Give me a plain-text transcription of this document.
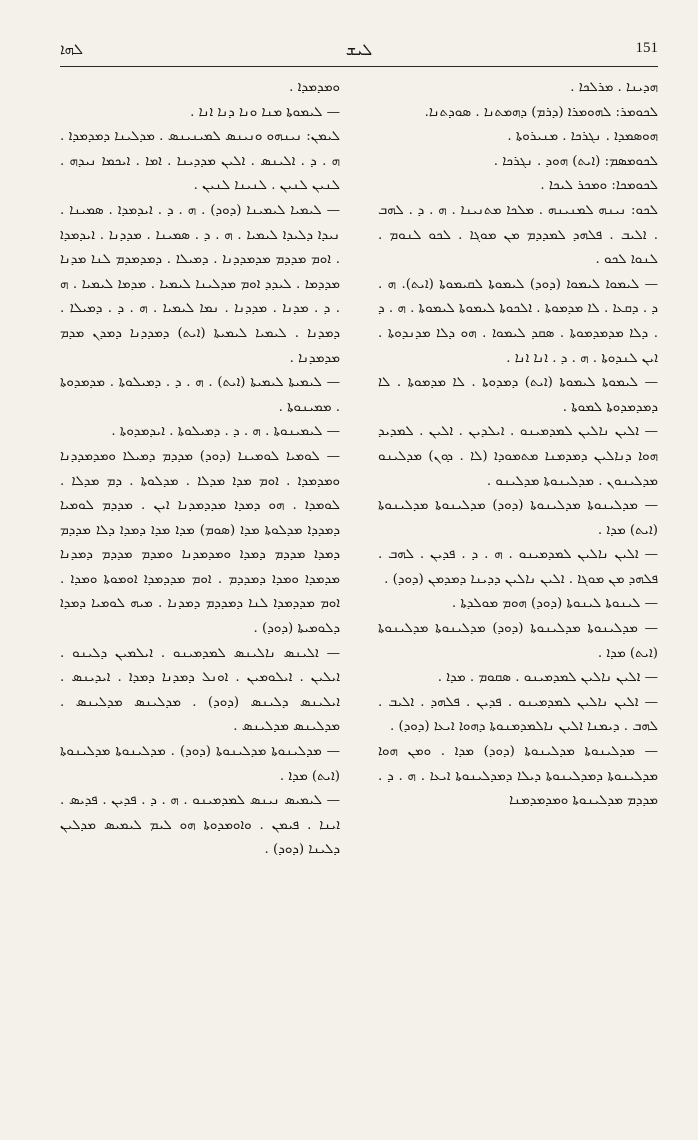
ܠܗܐ	ܠܝܫ	151

ܗܕܝܢܐ . ܡܪܠܟܐ .

ܠܟܘܡܪ: ܠܗܘܡܪܐ (ܕܪܡ) ܕܗܡܬܢܐ . ܣܘܕܬܢܐ.

ܗܘܣܡܕܐ . ܢܓܪܟܐ . ܡܢܝܪܘܬܐ .

ܠܟܘܡܣܡ: (ܐܝܬ) ܗܘܕ . ܢܓܪܟܐ .

ܠܟܘܡܟܐ: ܘܡܟܪ ܠܝܟܐ .

ܠܟܘ: ܢܝܢܗ ܠܡܢܝܢܗ . ܡܠܟܐ ܡܬܢܝܢܐ . ܗ . ܕ . ܠܗܒ . ܐܠܝܒ . ܦܠܗܕ ܠܡܕܕܡ ܡܢ ܡܘܓܐ . ܠܟܘ ܠܢܘܡ . ܠܢܘܐ ܠܟܘ .

— ܠܝܡܘܐ ܠܝܡܘܐ (ܕܘܕ) ܠܝܡܘܬܐ ܠܩܝܡܘܬܐ (ܐܝܬ). ܗ . ܕ . ܕܩܥܐ . ܠܐ ܡܕܡܘܬܐ . ܐܠܟܘܬܐ ܠܝܡܘܬܐ ܠܝܡܘܬܐ . ܗ . ܕ . ܕܠܐ ܡܕܡܕܡܘܬܐ . ܣܩܕ ܠܝܡܘܐ . ܗܘ ܕܠܐ ܡܕܢܕܘܬܐ . ܐܝܢ ܠܢܕܘܬܐ . ܗ . ܕ . ܐܢܐ ܐܢܐ .

— ܠܝܡܘܬܐ ܠܝܡܘܬܐ (ܐܝܬ) ܕܡܕܘܬܐ . ܠܐ ܡܕܡܘܬܐ . ܠܐ ܕܡܕܡܕܘܬܐ ܠܡܘܬܐ .

— ܐܠܝܢ ܢܐܠܝܢ ܠܡܕܡܝܢܘ . ܐܝܠܕܝܢ . ܐܠܝܢ . ܠܡܕܝܕ ܗܘܐ ܕܢܐܠܝܢ ܕܡܕܡܢܐ ܡܬܡܘܕܐ (ܠܐ . ܕܘܢ) ܡܕܠܝܢܘ ܡܕܠܝܢܘܢ . ܡܕܠܝܢܘܬܐ ܡܕܠܝܢܘ .

— ܡܕܠܝܢܘܬܐ ܡܕܠܝܢܘܬܐ (ܕܘܕ) ܡܕܠܝܢܘܬܐ ܡܕܠܝܢܘܬܐ (ܐܝܬ) ܡܕܐ .

— ܐܠܝܢ ܢܐܠܝܢ ܠܡܕܡܝܢܘ . ܗ . ܕ . ܦܕܝܢ . ܠܗܒ . ܦܠܗܕ ܡܢ ܡܘܓܐ . ܐܠܝܢ ܢܐܠܝܢ ܕܕܝܢܐ ܕܡܕܡܢ (ܕܘܕ) .

— ܠܝܢܘܬܐ ܠܝܢܘܬܐ (ܕܘܕ) ܗܘܡ ܡܘܠܕܬܐ .

— ܡܕܠܝܢܘܬܐ ܡܕܠܝܢܘܬܐ (ܕܘܕ) ܡܕܠܝܢܘܬܐ ܡܕܠܝܢܘܬܐ (ܐܝܬ) ܡܕܐ .

— ܐܠܝܢ ܢܐܠܝܢ ܠܡܕܡܝܢܘ . ܣܩܘܡ . ܡܕܐ .

— ܐܠܝܢ ܢܐܠܝܢ ܠܡܕܡܝܢܘ . ܦܕܝܢ . ܦܠܗܕ . ܐܠܝܒ . ܠܗܒ . ܕܝܡܢܐ ܐܠܝܢ ܢܐܠܡܕܡܢܘܬܐ ܕܗܘܐ ܐܝܥܐ (ܕܘܕ) .

— ܡܕܠܝܢܘܬܐ ܡܕܠܝܢܘܬܐ (ܕܘܕ) ܡܕܐ . ܘܡܢ ܗܘܐ ܡܕܠܝܢܘܬܐ ܕܡܕܠܝܢܘܬܐ ܕܝܠܐ ܕܡܕܠܝܢܘܬܐ ܐܝܥܐ . ܗ . ܕ . ܡܕܕܡ ܡܕܠܝܢܘܬܐ ܘܡܕܡܕܡܢܐ

ܘܡܕܡܕܐ .

— ܠܝܡܘܬܐ ܡܢܐ ܘܢܐ ܕܢܐ ܐܢܐ .

ܠܝܡܢ: ܢܝܢܗܘ ܘܢܝܢܣ ܠܡܝܢܝܢܣ . ܡܕܠܝܢܐ ܕܡܕܡܕܐ . ܗ . ܕ . ܐܠܝܢܣ . ܐܠܝܢ ܡܕܕܝܢܐ . ܐܡܐ . ܐܝܟܡܐ ܢܝܕܗ . ܠܢܝܢ ܠܢܝܢ . ܠܢܝܢܐ ܠܢܝܢ .

— ܠܝܡܝܐ ܠܝܡܝܢܐ (ܕܘܕ) . ܗ . ܕ . ܐܝܕܡܕܐ . ܣܡܝܢܐ . ܢܝܕܐ ܕܠܝܕܐ ܠܝܡܝܐ . ܗ . ܕ . ܣܡܝܢܐ . ܡܕܕܢܐ . ܐܝܕܡܕܐ . ܐܘܡ ܡܕܕܡ ܡܕܡܕܕܢܐ . ܕܡܝܠܐ . ܕܡܕܡܕܡ ܠܢܐ ܡܕܢܐ ܡܕܕܡܐ . ܠܝܕܕ ܐܘܡ ܡܕܠܝܢܐ ܠܝܡܝܐ . ܡܕܡܐ ܠܝܡܝܐ . ܗ . ܕ . ܡܕܢܐ . ܡܕܕܢܐ . ܢܡܐ ܠܝܡܝܐ . ܗ . ܕ . ܕܡܝܠܐ . ܕܡܕܢܐ . ܠܝܡܝܐ ܠܝܡܝܬܐ (ܐܝܬ) ܕܡܕܕܢܐ ܕܡܕܢ ܡܕܡ ܡܕܡܕܢܐ .

— ܠܝܡܝܬܐ ܠܝܡܝܬܐ (ܐܝܬ) . ܗ . ܕ . ܕܡܝܠܘܬܐ . ܡܕܡܕܘܬܐ . ܡܡܝܢܘܬܐ .

— ܠܝܡܝܢܘܬܐ . ܗ . ܕ . ܕܡܝܠܘܬܐ . ܐܝܕܡܕܘܬܐ .

— ܠܘܡܝܐ ܠܘܡܝܢܐ (ܕܘܕ) ܡܕܕܡ ܕܡܝܠܐ ܘܡܕܡܕܕܢܐ ܘܡܕܡܕܐ . ܐܘܡ ܡܕܐ ܡܕܠܐ . ܡܕܠܘܬܐ . ܕܡ ܡܕܠܐ . ܠܘܡܕܐ . ܗܘ ܕܡܕܐ ܡܕܕܡܕܢܐ ܐܝܢ . ܡܕܕܡ ܠܘܡܝܐ ܕܡܕܕܐ ܡܕܠܘܬܐ ܡܕܐ (ܣܘܡ) ܡܕܐ ܡܕܐ ܕܡܕܐ ܕܠܐ ܡܕܕܡ ܕܡܕܐ ܡܕܕܡ ܕܡܕܐ ܘܡܕܡܕܢܐ ܘܡܕܡ ܡܕܕܡ ܕܡܕܢܐ ܡܕܡܕܐ ܘܡܕܐ ܕܡܕܕܡ . ܐܘܡ ܡܕܕܡܕܐ ܐܘܡܘܬܐ ܘܡܕܐ . ܐܘܡ ܡܕܕܡܕܐ ܠܢܐ ܕܡܕܕܡ ܕܡܕܢܐ . ܡܝܗ ܠܘܡܝܐ ܕܡܕܐ ܕܠܘܡܝܬܐ (ܕܘܕ) .

— ܐܠܝܢܣ ܢܐܠܝܢܣ ܠܡܕܡܝܢܘ . ܐܝܠܡܝܢ ܕܠܝܢܘ . ܐܝܠܝܢ . ܐܝܠܘܡܝܢ . ܐܘܢܠ ܕܡܕܢܐ ܕܡܕܐ . ܐܝܕܝܢܣ . ܐܝܠܝܢܣ ܕܠܝܢܣ (ܕܘܕ) . ܡܕܠܝܢܣ ܡܕܠܝܢܣ . ܡܕܠܝܢܣ ܡܕܠܝܢܣ .

— ܡܕܠܝܢܘܬܐ ܡܕܠܝܢܘܬܐ (ܕܘܕ) . ܡܕܠܝܢܘܬܐ ܡܕܠܝܢܘܬܐ (ܐܝܬ) ܡܕܐ .

— ܠܝܡܝܣ ܢܝܢܣ ܠܡܕܡܝܢܘ . ܗ . ܕ . ܦܕܝܢ . ܦܕܝܣ . ܐܝܢܐ . ܦܝܡܢ . ܘܐܘܡܕܘܬܐ ܗܘ ܠܝܡ ܠܝܡܝܣ ܡܕܠܝܢ ܕܠܝܢܐ (ܕܘܕ) .
